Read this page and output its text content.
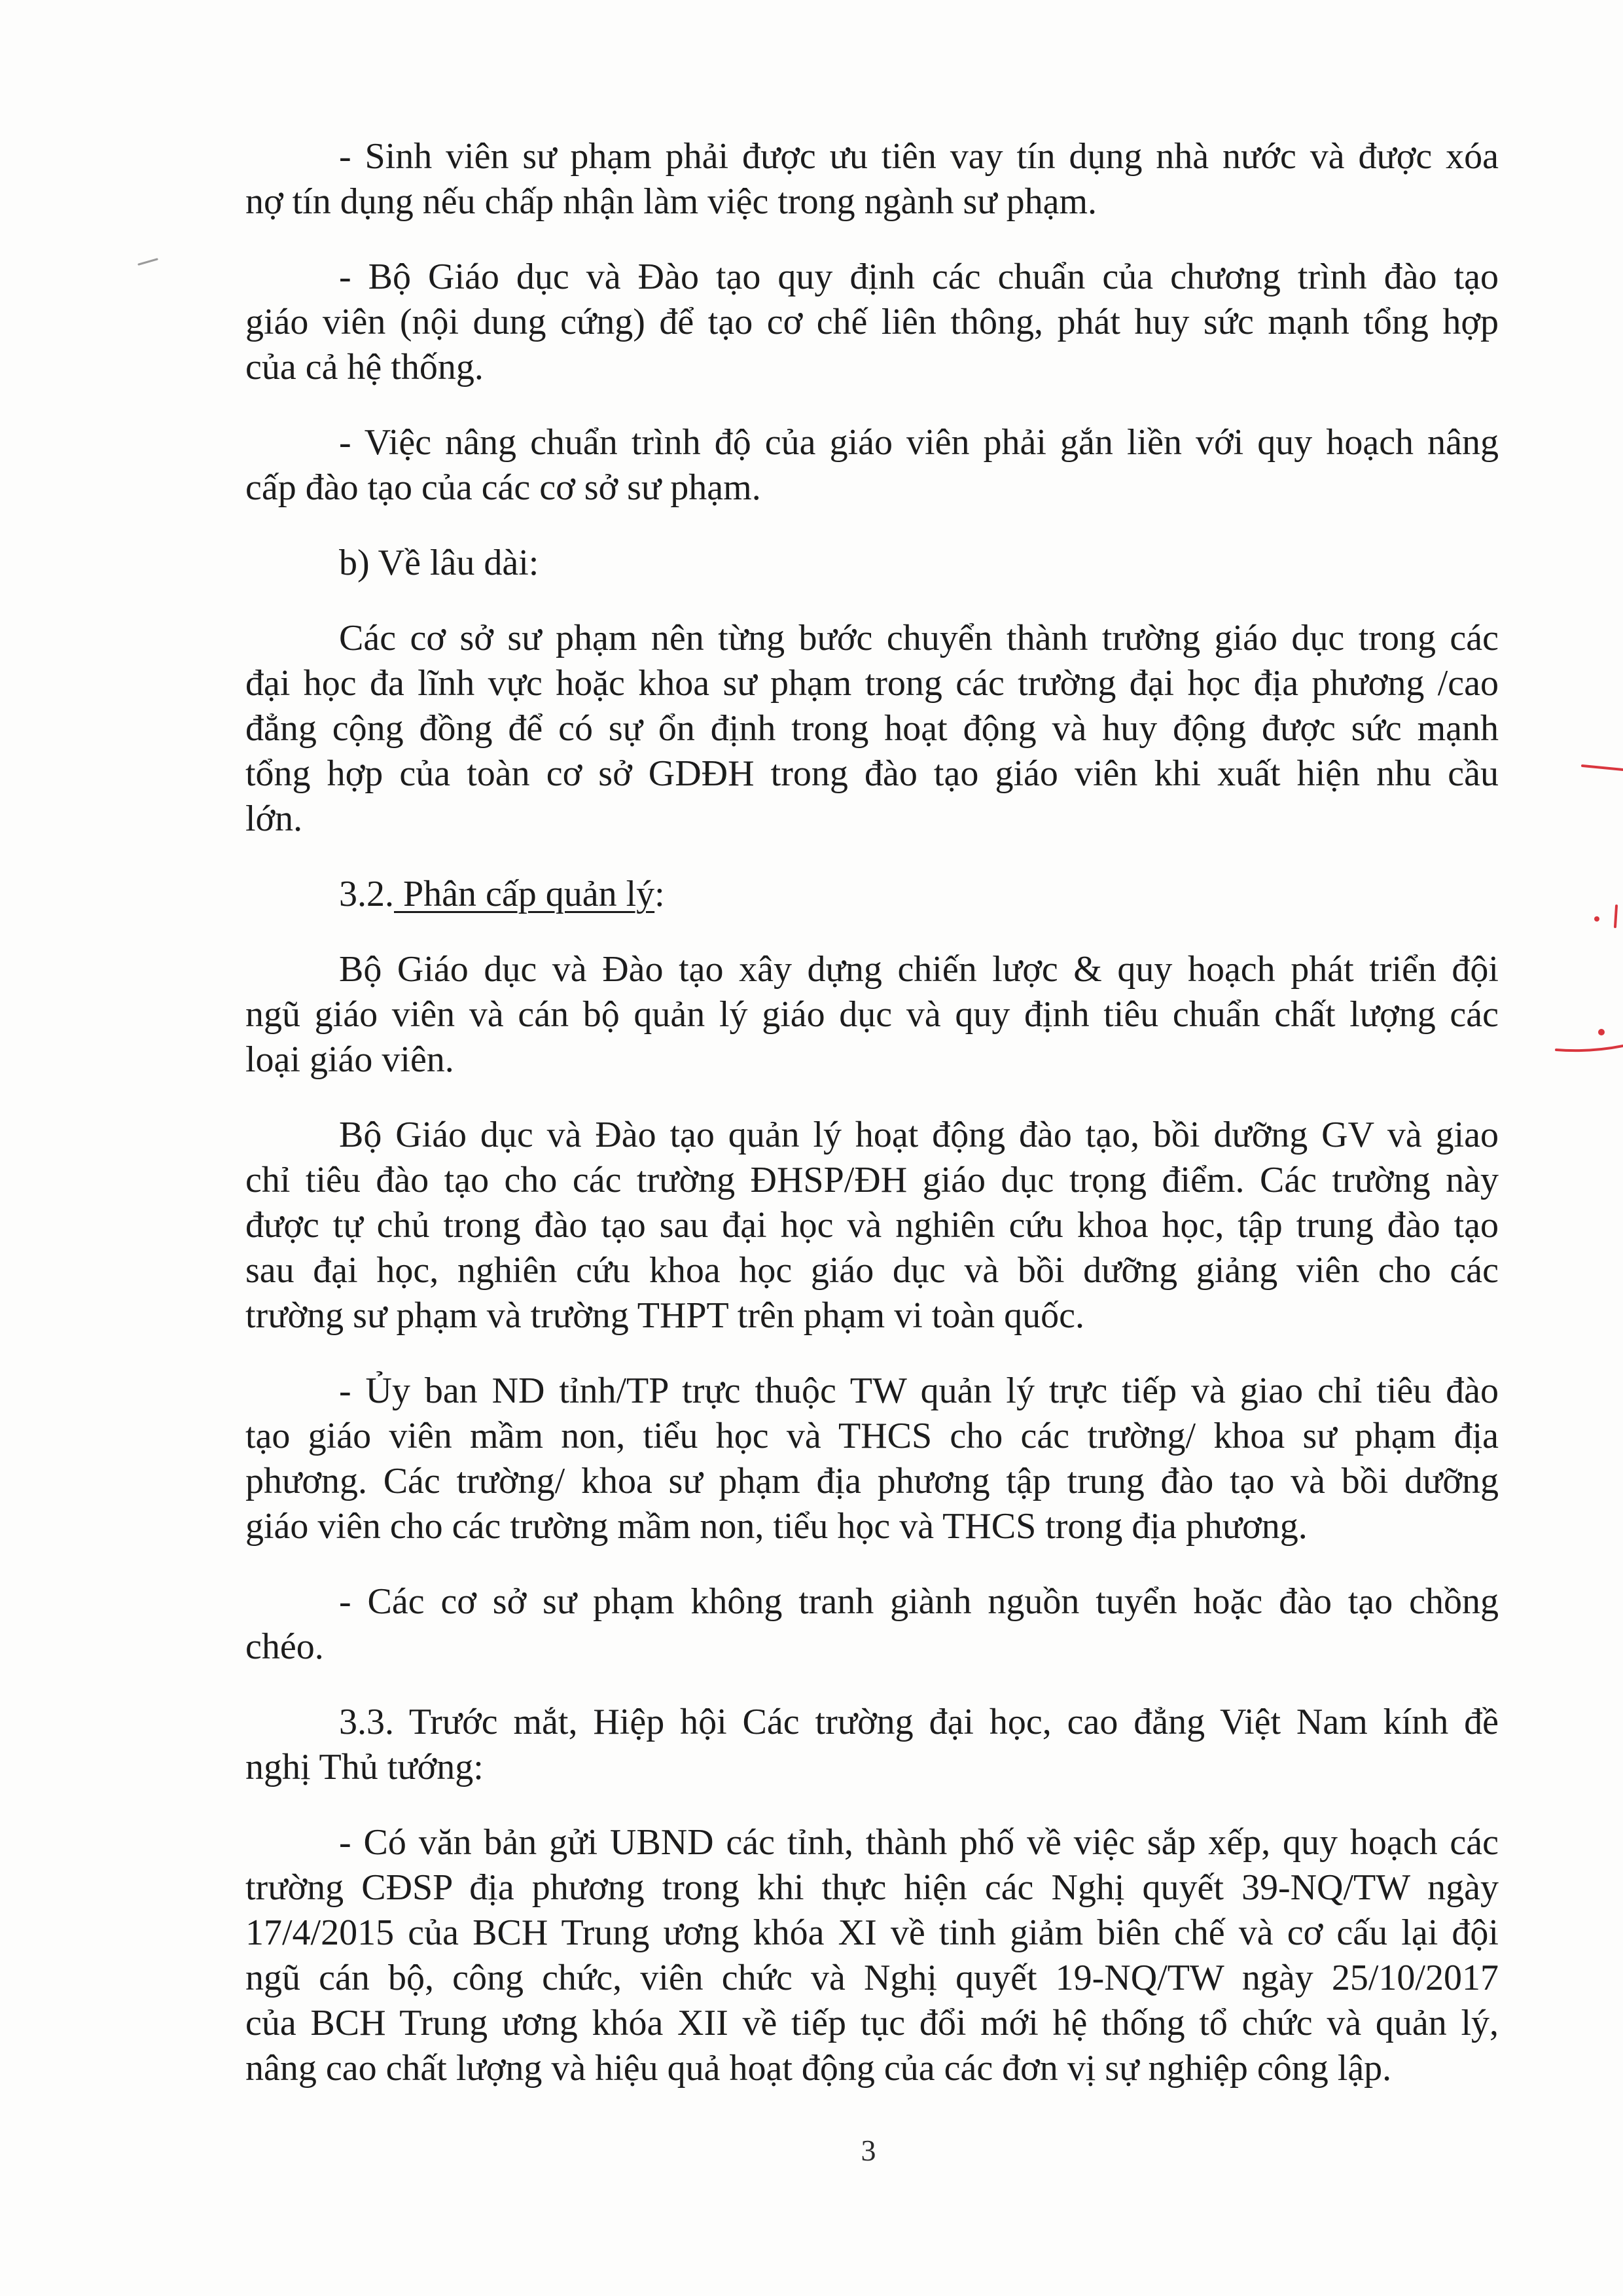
- Sinh viên sư phạm phải được ưu tiên vay tín dụng nhà nước và được xóa
nợ tín dụng nếu chấp nhận làm việc trong ngành sư phạm.
- Bộ Giáo dục và Đào tạo quy định các chuẩn của chương trình đào tạo
giáo viên (nội dung cứng) để tạo cơ chế liên thông, phát huy sức mạnh tổng hợp
của cả hệ thống.
- Việc nâng chuẩn trình độ của giáo viên phải gắn liền với quy hoạch nâng
cấp đào tạo của các cơ sở sư phạm.
b) Về lâu dài:
Các cơ sở sư phạm nên từng bước chuyển thành trường giáo dục trong các
đại học đa lĩnh vực hoặc khoa sư phạm trong các trường đại học địa phương /cao
đẳng cộng đồng để có sự ổn định trong hoạt động và huy động được sức mạnh
tổng hợp của toàn cơ sở GDĐH trong đào tạo giáo viên khi xuất hiện nhu cầu
lớn.
3.2. Phân cấp quản lý:
Bộ Giáo dục và Đào tạo xây dựng chiến lược & quy hoạch phát triển đội
ngũ giáo viên và cán bộ quản lý giáo dục và quy định tiêu chuẩn chất lượng các
loại giáo viên.
Bộ Giáo dục và Đào tạo quản lý hoạt động đào tạo, bồi dưỡng GV và giao
chỉ tiêu đào tạo cho các trường ĐHSP/ĐH giáo dục trọng điểm. Các trường này
được tự chủ trong đào tạo sau đại học và nghiên cứu khoa học, tập trung đào tạo
sau đại học, nghiên cứu khoa học giáo dục và bồi dưỡng giảng viên cho các
trường sư phạm và trường THPT trên phạm vi toàn quốc.
- Ủy ban ND tỉnh/TP trực thuộc TW quản lý trực tiếp và giao chỉ tiêu đào
tạo giáo viên mầm non, tiểu học và THCS cho các trường/ khoa sư phạm địa
phương. Các trường/ khoa sư phạm địa phương tập trung đào tạo và bồi dưỡng
giáo viên cho các trường mầm non, tiểu học và THCS trong địa phương.
- Các cơ sở sư phạm không tranh giành nguồn tuyển hoặc đào tạo chồng
chéo.
3.3. Trước mắt, Hiệp hội Các trường đại học, cao đẳng Việt Nam kính đề
nghị Thủ tướng:
- Có văn bản gửi UBND các tỉnh, thành phố về việc sắp xếp, quy hoạch các
trường CĐSP địa phương trong khi thực hiện các Nghị quyết 39-NQ/TW ngày
17/4/2015 của BCH Trung ương khóa XI về tinh giảm biên chế và cơ cấu lại đội
ngũ cán bộ, công chức, viên chức và Nghị quyết 19-NQ/TW ngày 25/10/2017
của BCH Trung ương khóa XII về tiếp tục đổi mới hệ thống tổ chức và quản lý,
nâng cao chất lượng và hiệu quả hoạt động của các đơn vị sự nghiệp công lập.
3
